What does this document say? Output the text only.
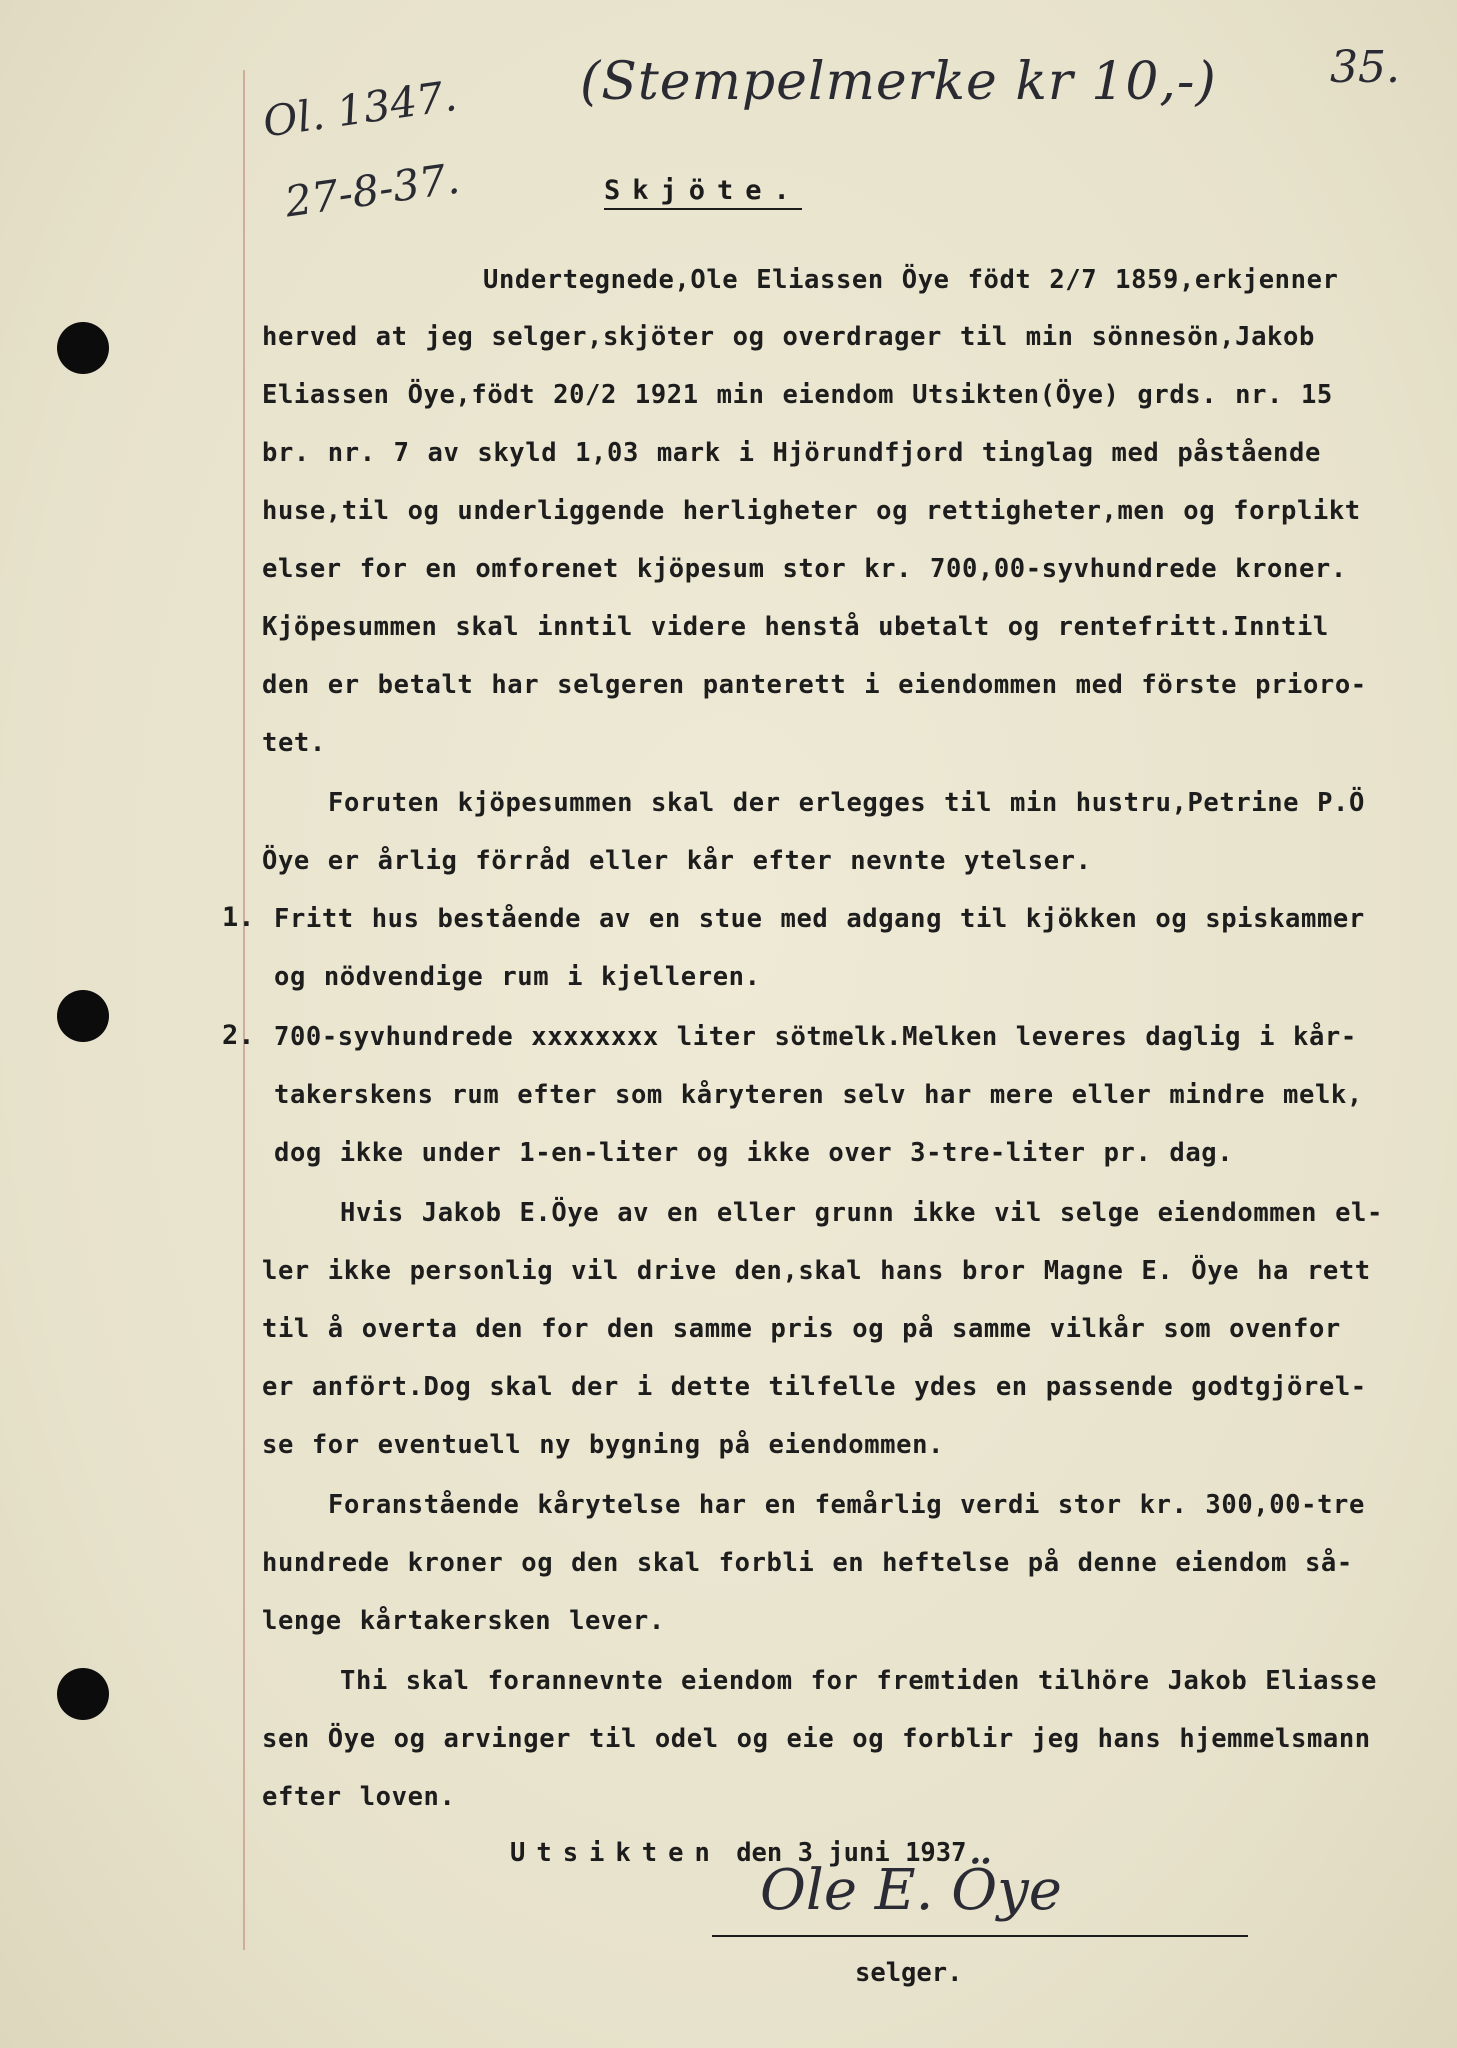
(Stempelmerke kr 10,-)	35.
Ol. 1347.
27-8-37.	Skjöte.
Undertegnede,Ole Eliassen Öye födt 2/7 1859,erkjenner
herved at jeg selger,skjöter og overdrager til min sönnesön,Jakob
Eliassen Öye,födt 20/2 1921 min eiendom Utsikten(Öye) grds. nr. 15
br. nr. 7 av skyld 1,03 mark i Hjörundfjord tinglag med påstående
huse,til og underliggende herligheter og rettigheter,men og forplikt
elser for en omforenet kjöpesum stor kr. 700,00-syvhundrede kroner.
Kjöpesummen skal inntil videre henstå ubetalt og rentefritt.Inntil
den er betalt har selgeren panterett i eiendommen med förste prioro-
tet.
Foruten kjöpesummen skal der erlegges til min hustru,Petrine P.Ö
Öye er årlig förråd eller kår efter nevnte ytelser.
1. Fritt hus bestående av en stue med adgang til kjökken og spiskammer
og nödvendige rum i kjelleren.
2. 700-syvhundrede xxxxxxxx liter sötmelk.Melken leveres daglig i kår-
takerskens rum efter som kåryteren selv har mere eller mindre melk,
dog ikke under 1-en-liter og ikke over 3-tre-liter pr. dag.
Hvis Jakob E.Öye av en eller grunn ikke vil selge eiendommen el-
ler ikke personlig vil drive den,skal hans bror Magne E. Öye ha rett
til å overta den for den samme pris og på samme vilkår som ovenfor
er anfört.Dog skal der i dette tilfelle ydes en passende godtgjörel-
se for eventuell ny bygning på eiendommen.
Foranstående kårytelse har en femårlig verdi stor kr. 300,00-tre
hundrede kroner og den skal forbli en heftelse på denne eiendom så-
lenge kårtakersken lever.
Thi skal forannevnte eiendom for fremtiden tilhöre Jakob Eliasse
sen Öye og arvinger til odel og eie og forblir jeg hans hjemmelsmann
efter loven.
Utsikten den 3 juni 1937
Ole E. Öye
selger.
